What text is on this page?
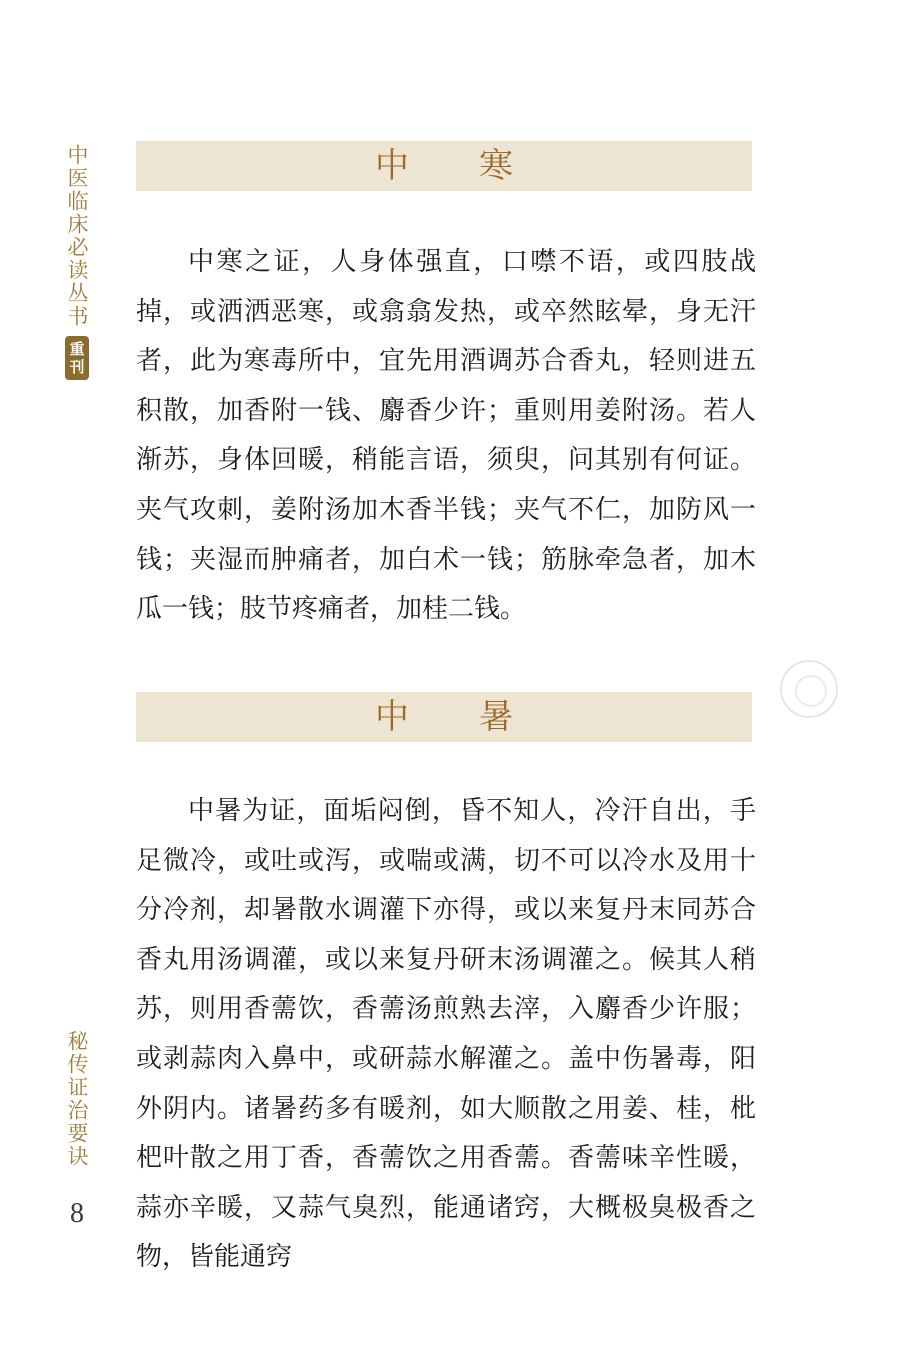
中医临床必读丛书
重
刊
秘传证治要诀
8
中 寒

中寒之证，人身体强直，口噤不语，或四肢战掉，或洒洒恶寒，或翕翕发热，或卒然眩晕，身无汗者，此为寒毒所中，宜先用酒调苏合香丸，轻则进五积散，加香附一钱、麝香少许；重则用姜附汤。若人渐苏，身体回暖，稍能言语，须臾，问其别有何证。夹气攻刺，姜附汤加木香半钱；夹气不仁，加防风一钱；夹湿而肿痛者，加白术一钱；筋脉牵急者，加木瓜一钱；肢节疼痛者，加桂二钱。

中 暑

中暑为证，面垢闷倒，昏不知人，冷汗自出，手足微冷，或吐或泻，或喘或满，切不可以冷水及用十分冷剂，却暑散水调灌下亦得，或以来复丹末同苏合香丸用汤调灌，或以来复丹研末汤调灌之。候其人稍苏，则用香薷饮，香薷汤煎熟去滓，入麝香少许服；或剥蒜肉入鼻中，或研蒜水解灌之。盖中伤暑毒，阳外阴内。诸暑药多有暖剂，如大顺散之用姜、桂，枇杷叶散之用丁香，香薷饮之用香薷。香薷味辛性暖，蒜亦辛暖，又蒜气臭烈，能通诸窍，大概极臭极香之物，皆能通窍
